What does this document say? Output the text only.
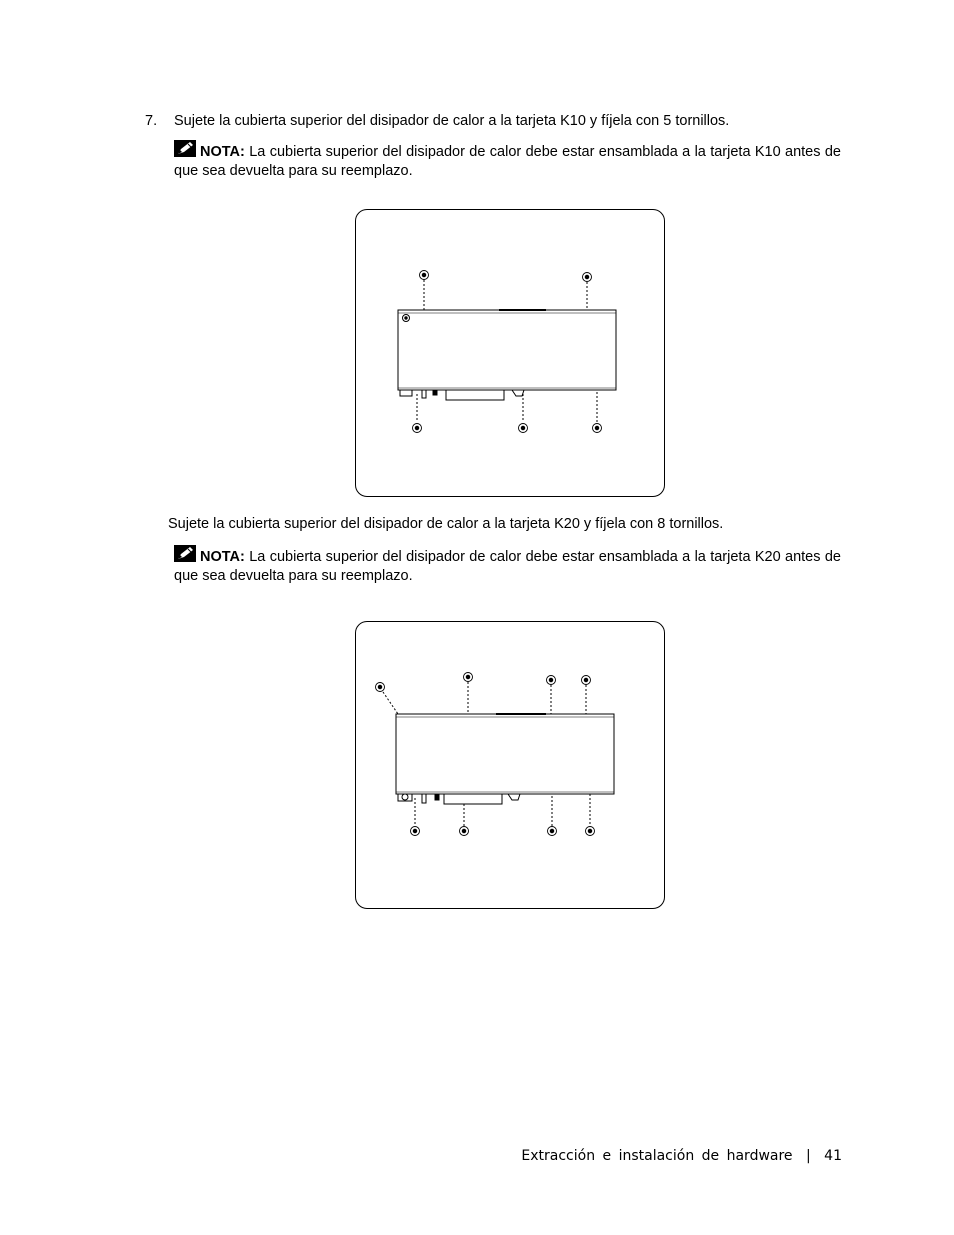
7. Sujete la cubierta superior del disipador de calor a la tarjeta K10 y fíjela con 5 tornillos.
NOTA: La cubierta superior del disipador de calor debe estar ensamblada a la tarjeta K10 antes de que sea devuelta para su reemplazo.
Sujete la cubierta superior del disipador de calor a la tarjeta K20 y fíjela con 8 tornillos.
NOTA: La cubierta superior del disipador de calor debe estar ensamblada a la tarjeta K20 antes de que sea devuelta para su reemplazo.
Extracción e instalación de hardware | 41
